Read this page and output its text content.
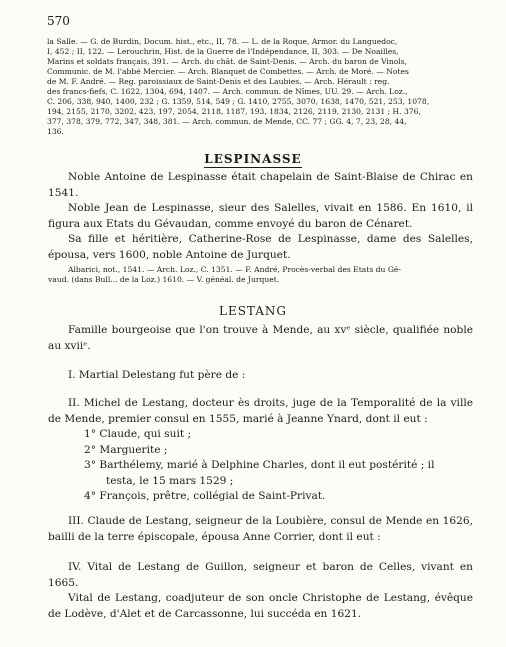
570

la Salle. — G. de Burdin, Docum. hist., etc., II, 78. — L. de la Roque, Armor. du Languedoc,

I, 452 ; II, 122. — Lerouchrin, Hist. de la Guerre de l'Indépendance, II, 303. — De Noailles,

Marins et soldats français, 391. — Arch. du chât. de Saint-Denis. — Arch. du baron de Vinols,

Communic. de M. l'abbé Mercier. — Arch. Blanquet de Combettes. — Arch. de Moré. — Notes

de M. F. André. — Reg. paroissiaux de Saint-Denis et des Laubies. — Arch. Hérault : reg.

des francs-fiefs, C. 1622, 1304, 694, 1407. — Arch. commun. de Nîmes, UU. 29. — Arch. Loz.,

C. 206, 338, 940, 1400, 232 ; G. 1359, 514, 549 ; G. 1410, 2755, 3070, 1638, 1470, 521, 253, 1078,

194, 2155, 2170, 3202, 423, 197, 2054, 2118, 1187, 193, 1834, 2126, 2119, 2130, 2131 ; H. 376,

377, 378, 379, 772, 347, 348, 381. — Arch. commun. de Mende, CC. 77 ; GG. 4, 7, 23, 28, 44,

136.

LESPINASSE

Noble Antoine de Lespinasse était chapelain de Saint-Blaise de Chirac en 1541.

Noble Jean de Lespinasse, sieur des Salelles, vivait en 1586. En 1610, il figura aux Etats du Gévaudan, comme envoyé du baron de Cénaret.

Sa fille et héritière, Catherine-Rose de Lespinasse, dame des Salelles, épousa, vers 1600, noble Antoine de Jurquet.

Albarici, not., 1541. — Arch. Loz., C. 1351. — F. André, Procès-verbal des Etats du Gé-
vaud. (dans Bull... de la Loz.) 1610. — V. généal. de Jurquet.
LESTANG

Famille bourgeoise que l'on trouve à Mende, au xvᵉ siècle, qualifiée noble au xviiᵉ.

I. Martial Delestang fut père de :

II. Michel de Lestang, docteur ès droits, juge de la Temporalité de la ville de Mende, premier consul en 1555, marié à Jeanne Ynard, dont il eut :

1° Claude, qui suit ;

2° Marguerite ;

3° Barthélemy, marié à Delphine Charles, dont il eut postérité ; il

testa, le 15 mars 1529 ;

4° François, prêtre, collégial de Saint-Privat.

III. Claude de Lestang, seigneur de la Loubière, consul de Mende en 1626, bailli de la terre épiscopale, épousa Anne Corrier, dont il eut :

IV. Vital de Lestang de Guillon, seigneur et baron de Celles, vivant en 1665.

Vital de Lestang, coadjuteur de son oncle Christophe de Lestang, évêque de Lodève, d'Alet et de Carcassonne, lui succéda en 1621.
